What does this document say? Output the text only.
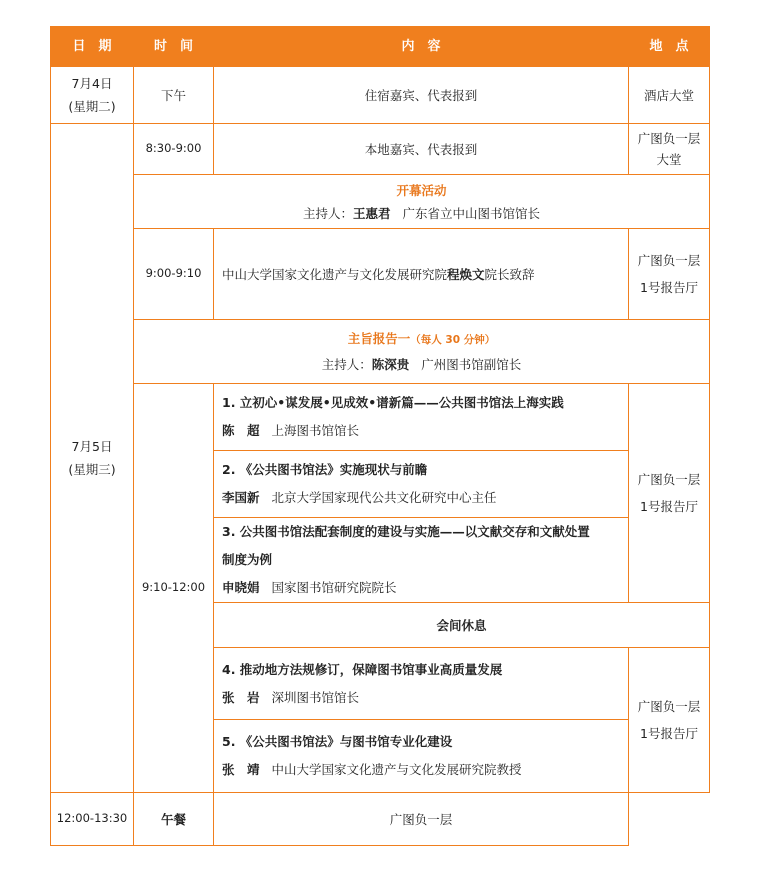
日　期	时　间	内　容	地　点

7月4日
(星期二)	下午	住宿嘉宾、代表报到	酒店大堂

7月5日
(星期三)	8:30-9:00	本地嘉宾、代表报到	广图负一层
大堂

	开幕活动
主持人：王惠君 广东省立中山图书馆馆长		

	9:00-9:10	中山大学国家文化遗产与文化发展研究院程焕文院长致辞	广图负一层
1号报告厅

	主旨报告一（每人 30 分钟）
主持人：陈深贵 广州图书馆副馆长		

	9:10-12:00	1. 立初心•谋发展•见成效•谱新篇——公共图书馆法上海实践
陈　超 上海图书馆馆长	广图负一层
1号报告厅

		2. 《公共图书馆法》实施现状与前瞻
李国新 北京大学国家现代公共文化研究中心主任	

		3. 公共图书馆法配套制度的建设与实施——以文献交存和文献处置
制度为例
申晓娟 国家图书馆研究院院长	

		会间休息	

		4. 推动地方法规修订，保障图书馆事业高质量发展
张　岩 深圳图书馆馆长	广图负一层
1号报告厅

		5. 《公共图书馆法》与图书馆专业化建设
张　靖 中山大学国家文化遗产与文化发展研究院教授	

12:00-13:30	午餐	广图负一层	
